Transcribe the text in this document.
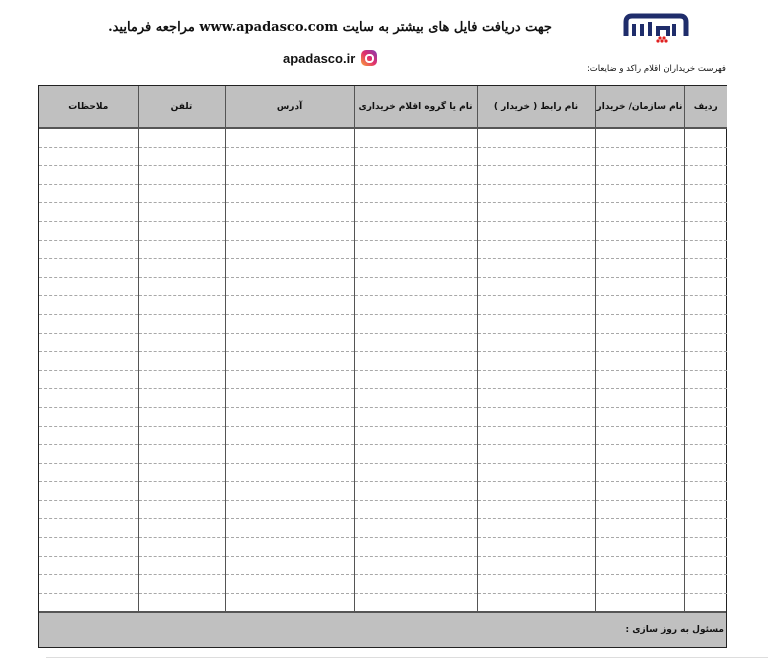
جهت دریافت فایل های بیشتر به سایت www.apadasco.com مراجعه فرمایید.
apadasco.ir
فهرست خریداران اقلام راکد و ضایعات:
ردیف	نام سازمان/ خریدار	نام رابط ( خریدار )	نام یا گروه اقلام خریداری	آدرس	تلفن	ملاحظات

مسئول به روز سازی :
